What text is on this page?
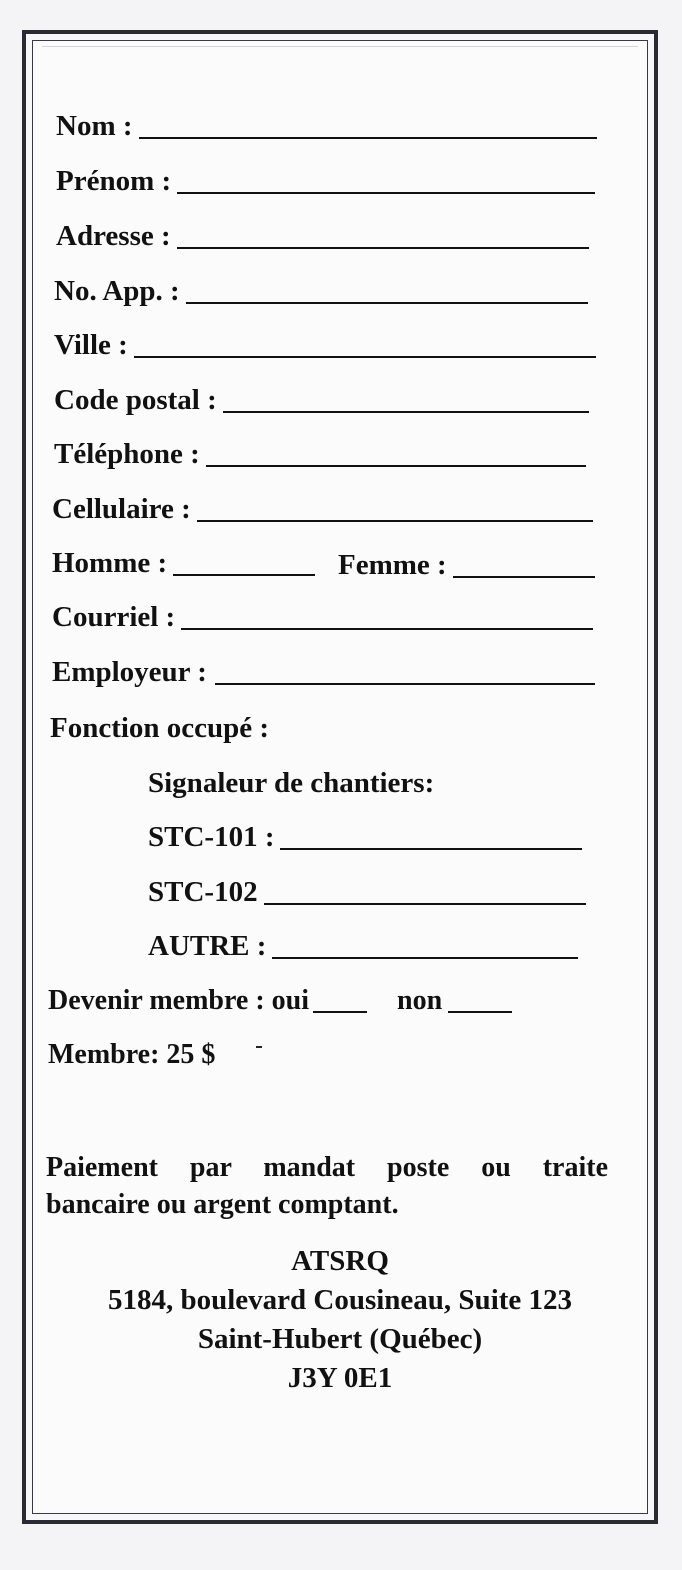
Nom :
Prénom :
Adresse :
No. App. :
Ville :
Code postal :
Téléphone :
Cellulaire :
Homme :	Femme :
Courriel :
Employeur :
Fonction occupé :
Signaleur de chantiers:
STC-101 :
STC-102
AUTRE :
Devenir membre : oui	non
Membre: 25 $
Paiement par mandat poste ou traite
bancaire ou argent comptant.
ATSRQ
5184, boulevard Cousineau, Suite 123
Saint-Hubert (Québec)
J3Y 0E1
